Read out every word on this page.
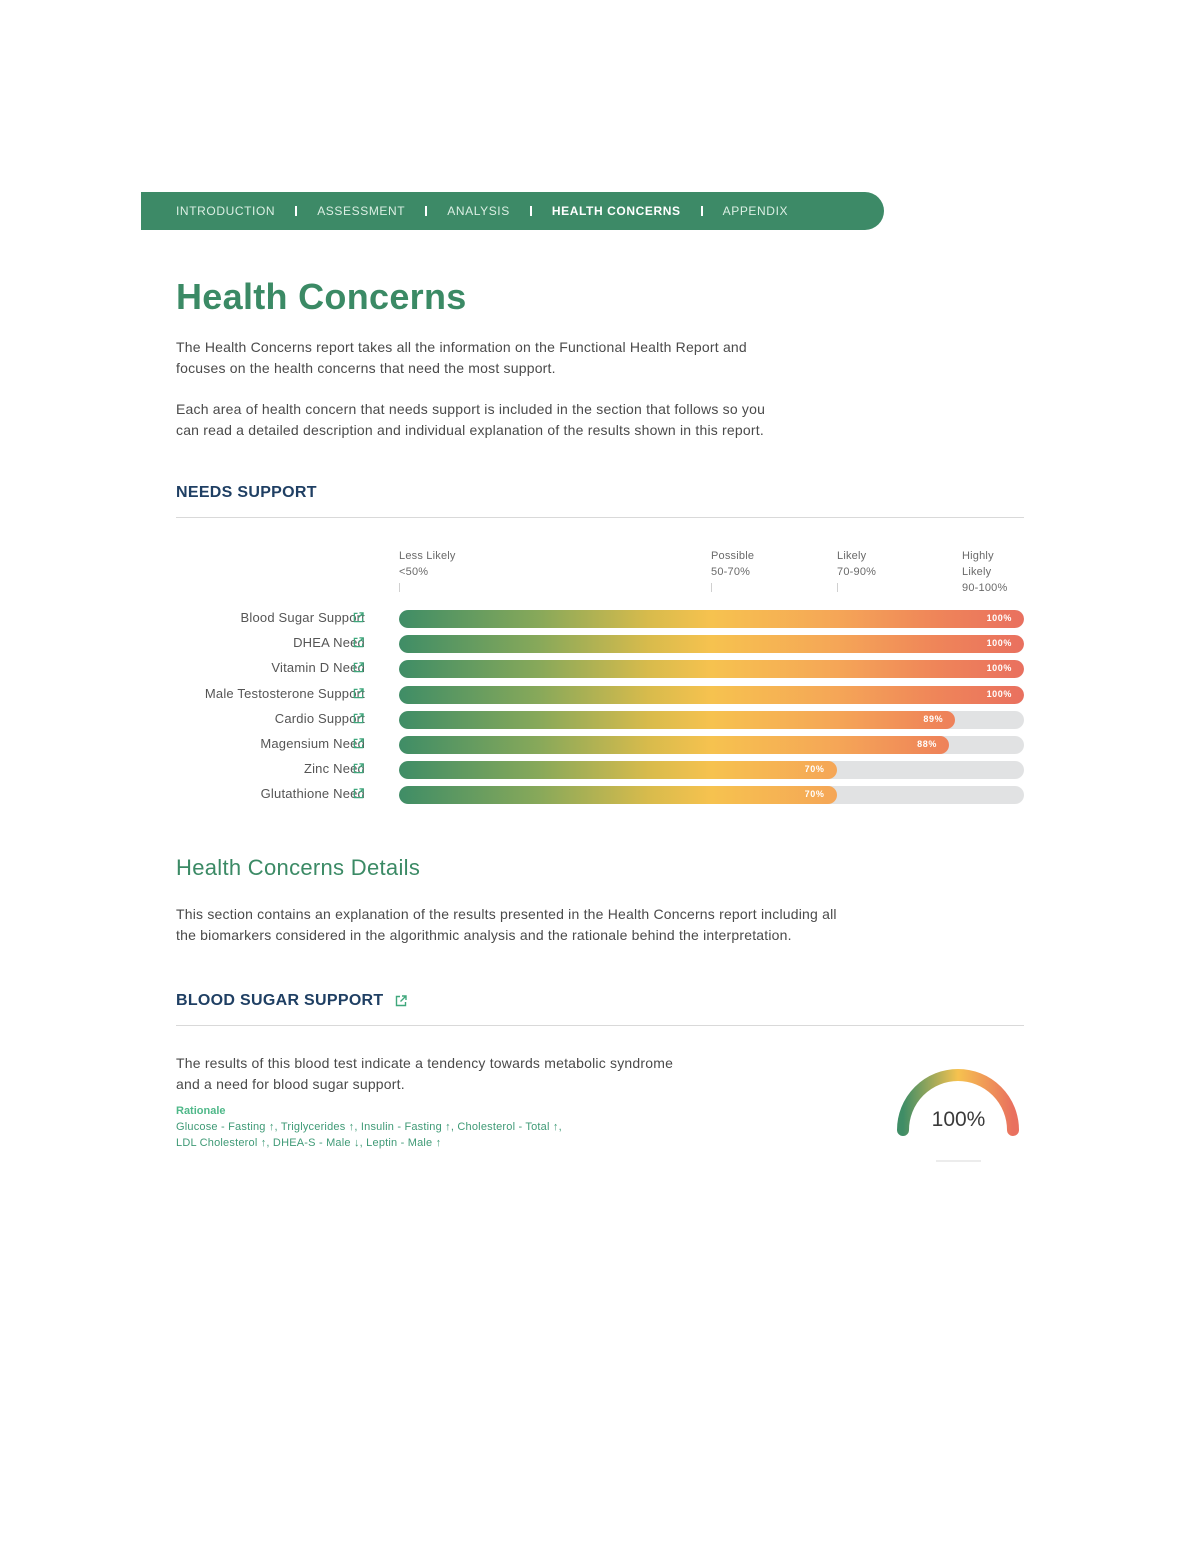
INTRODUCTION	ASSESSMENT	ANALYSIS	HEALTH CONCERNS	APPENDIX
Health Concerns

The Health Concerns report takes all the information on the Functional Health Report and
focuses on the health concerns that need the most support.

Each area of health concern that needs support is included in the section that follows so you
can read a detailed description and individual explanation of the results shown in this report.

NEEDS SUPPORT
Less Likely
<50%
Possible
50-70%
Likely
70-90%
Highly
Likely
90-100%
Blood Sugar Support	100%
DHEA Need	100%
Vitamin D Need	100%
Male Testosterone Support	100%
Cardio Support	89%
Magensium Need	88%
Zinc Need	70%
Glutathione Need	70%
Health Concerns Details

This section contains an explanation of the results presented in the Health Concerns report including all
the biomarkers considered in the algorithmic analysis and the rationale behind the interpretation.

BLOOD SUGAR SUPPORT

The results of this blood test indicate a tendency towards metabolic syndrome
and a need for blood sugar support.

Rationale
Glucose - Fasting ↑, Triglycerides ↑, Insulin - Fasting ↑, Cholesterol - Total ↑,
LDL Cholesterol ↑, DHEA-S - Male ↓, Leptin - Male ↑
100%
